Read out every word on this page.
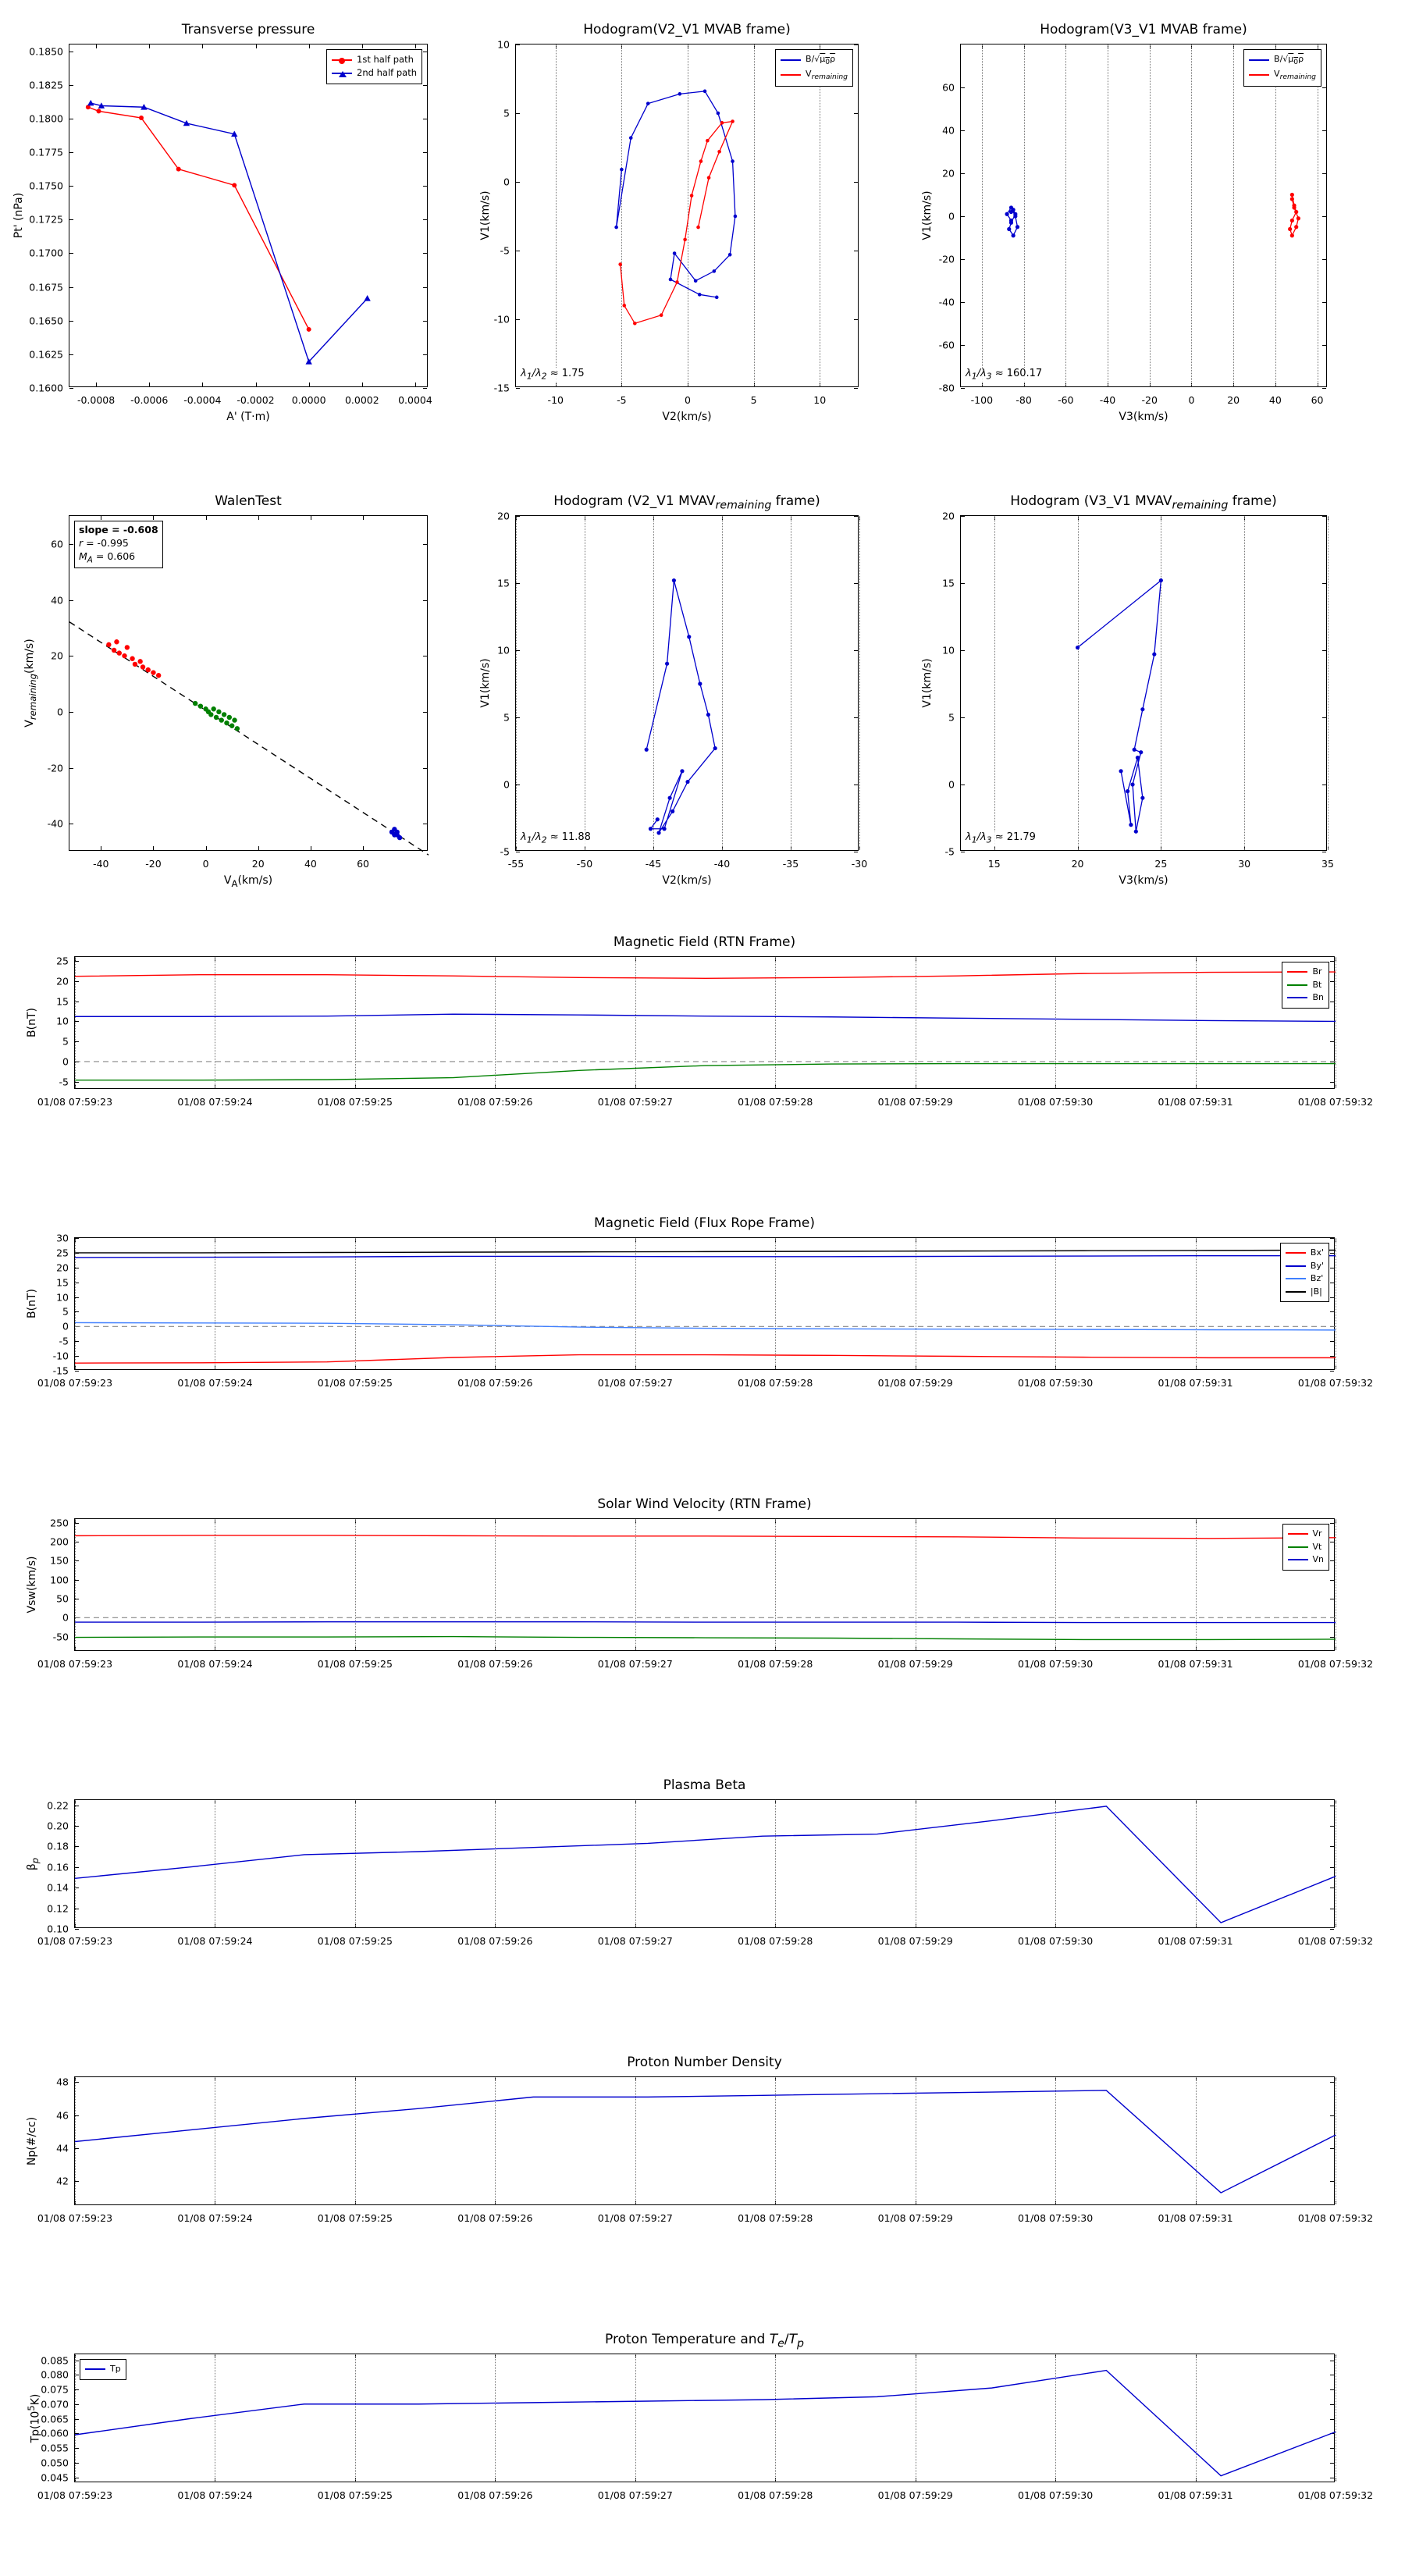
Transverse pressure
-0.0008 -0.0006 -0.0004 -0.0002 0.0000 0.0002 0.0004
0.1600
0.1625
0.1650
0.1675
0.1700
0.1725
0.1750
0.1775
0.1800
0.1825
0.1850
1st half path
2nd half path
A' (T·m)
Pt' (nPa)
Hodogram(V2_V1 MVAB frame)
-10	-5	0	5	10
-15
-10
-5
0
5
10
$B/√\mu_0\rho$
$V_{remaining}$
$\lambda_1/\lambda_2 \approx 1.75$
V2(km/s)
V1(km/s)
Hodogram(V3_V1 MVAB frame)
-100 -80	-60	-40	-20	0	20	40	60
-80
-60
-40
-20
0
20
40
60
$B/√\mu_0\rho$
$V_{remaining}$
$\lambda_1/\lambda_3 \approx 160.17$
V3(km/s)
V1(km/s)
WalenTest
-40	-20	0	20	40	60
-40
-20
0
20
40
60
slope = -0.608
r = -0.995
$M_A = 0.606$
$V_A(km/s)$
$V_{remaining}(km/s)$
Hodogram (V2_V1 $MVAV_{remaining}$ frame)
-55	-50	-45	-40	-35	-30
-5
0
5
10
15
20
$\lambda_1/\lambda_2 \approx 11.88$
V2(km/s)
V1(km/s)
Hodogram (V3_V1 $MVAV_{remaining}$ frame)
15	20	25	30	35
-5
0
5
10
15
20
$\lambda_1/\lambda_3 \approx 21.79$
V3(km/s)
V1(km/s)
Magnetic Field (RTN Frame)
01/08 07:59:23	01/08 07:59:24	01/08 07:59:25	01/08 07:59:26	01/08 07:59:27	01/08 07:59:28	01/08 07:59:29	01/08 07:59:30	01/08 07:59:31	01/08 07:59:32
-5
0
5
10
15
20
25
Br
Bt
Bn
B(nT)
Magnetic Field (Flux Rope Frame)
01/08 07:59:23	01/08 07:59:24	01/08 07:59:25	01/08 07:59:26	01/08 07:59:27	01/08 07:59:28	01/08 07:59:29	01/08 07:59:30	01/08 07:59:31	01/08 07:59:32
-15
-10
-5
0
5
10
15
20
25
30
Bx'
By'
Bz'
|B|
B(nT)
Solar Wind Velocity (RTN Frame)
01/08 07:59:23	01/08 07:59:24	01/08 07:59:25	01/08 07:59:26	01/08 07:59:27	01/08 07:59:28	01/08 07:59:29	01/08 07:59:30	01/08 07:59:31	01/08 07:59:32
-50
0
50
100
150
200
250
Vr
Vt
Vn
Vsw(km/s)
Plasma Beta
01/08 07:59:23	01/08 07:59:24	01/08 07:59:25	01/08 07:59:26	01/08 07:59:27	01/08 07:59:28	01/08 07:59:29	01/08 07:59:30	01/08 07:59:31	01/08 07:59:32
0.10
0.12
0.14
0.16
0.18
0.20
0.22
$\beta_p$
Proton Number Density
01/08 07:59:23	01/08 07:59:24	01/08 07:59:25	01/08 07:59:26	01/08 07:59:27	01/08 07:59:28	01/08 07:59:29	01/08 07:59:30	01/08 07:59:31	01/08 07:59:32
42
44
46
48
Np(#/cc)
Proton Temperature and $T_e/T_p$
01/08 07:59:23	01/08 07:59:24	01/08 07:59:25	01/08 07:59:26	01/08 07:59:27	01/08 07:59:28	01/08 07:59:29	01/08 07:59:30	01/08 07:59:31	01/08 07:59:32
0.045
0.050
0.055
0.060
0.065
0.070
0.075
0.080
0.085
Tp
$Tp(10^5K)$
